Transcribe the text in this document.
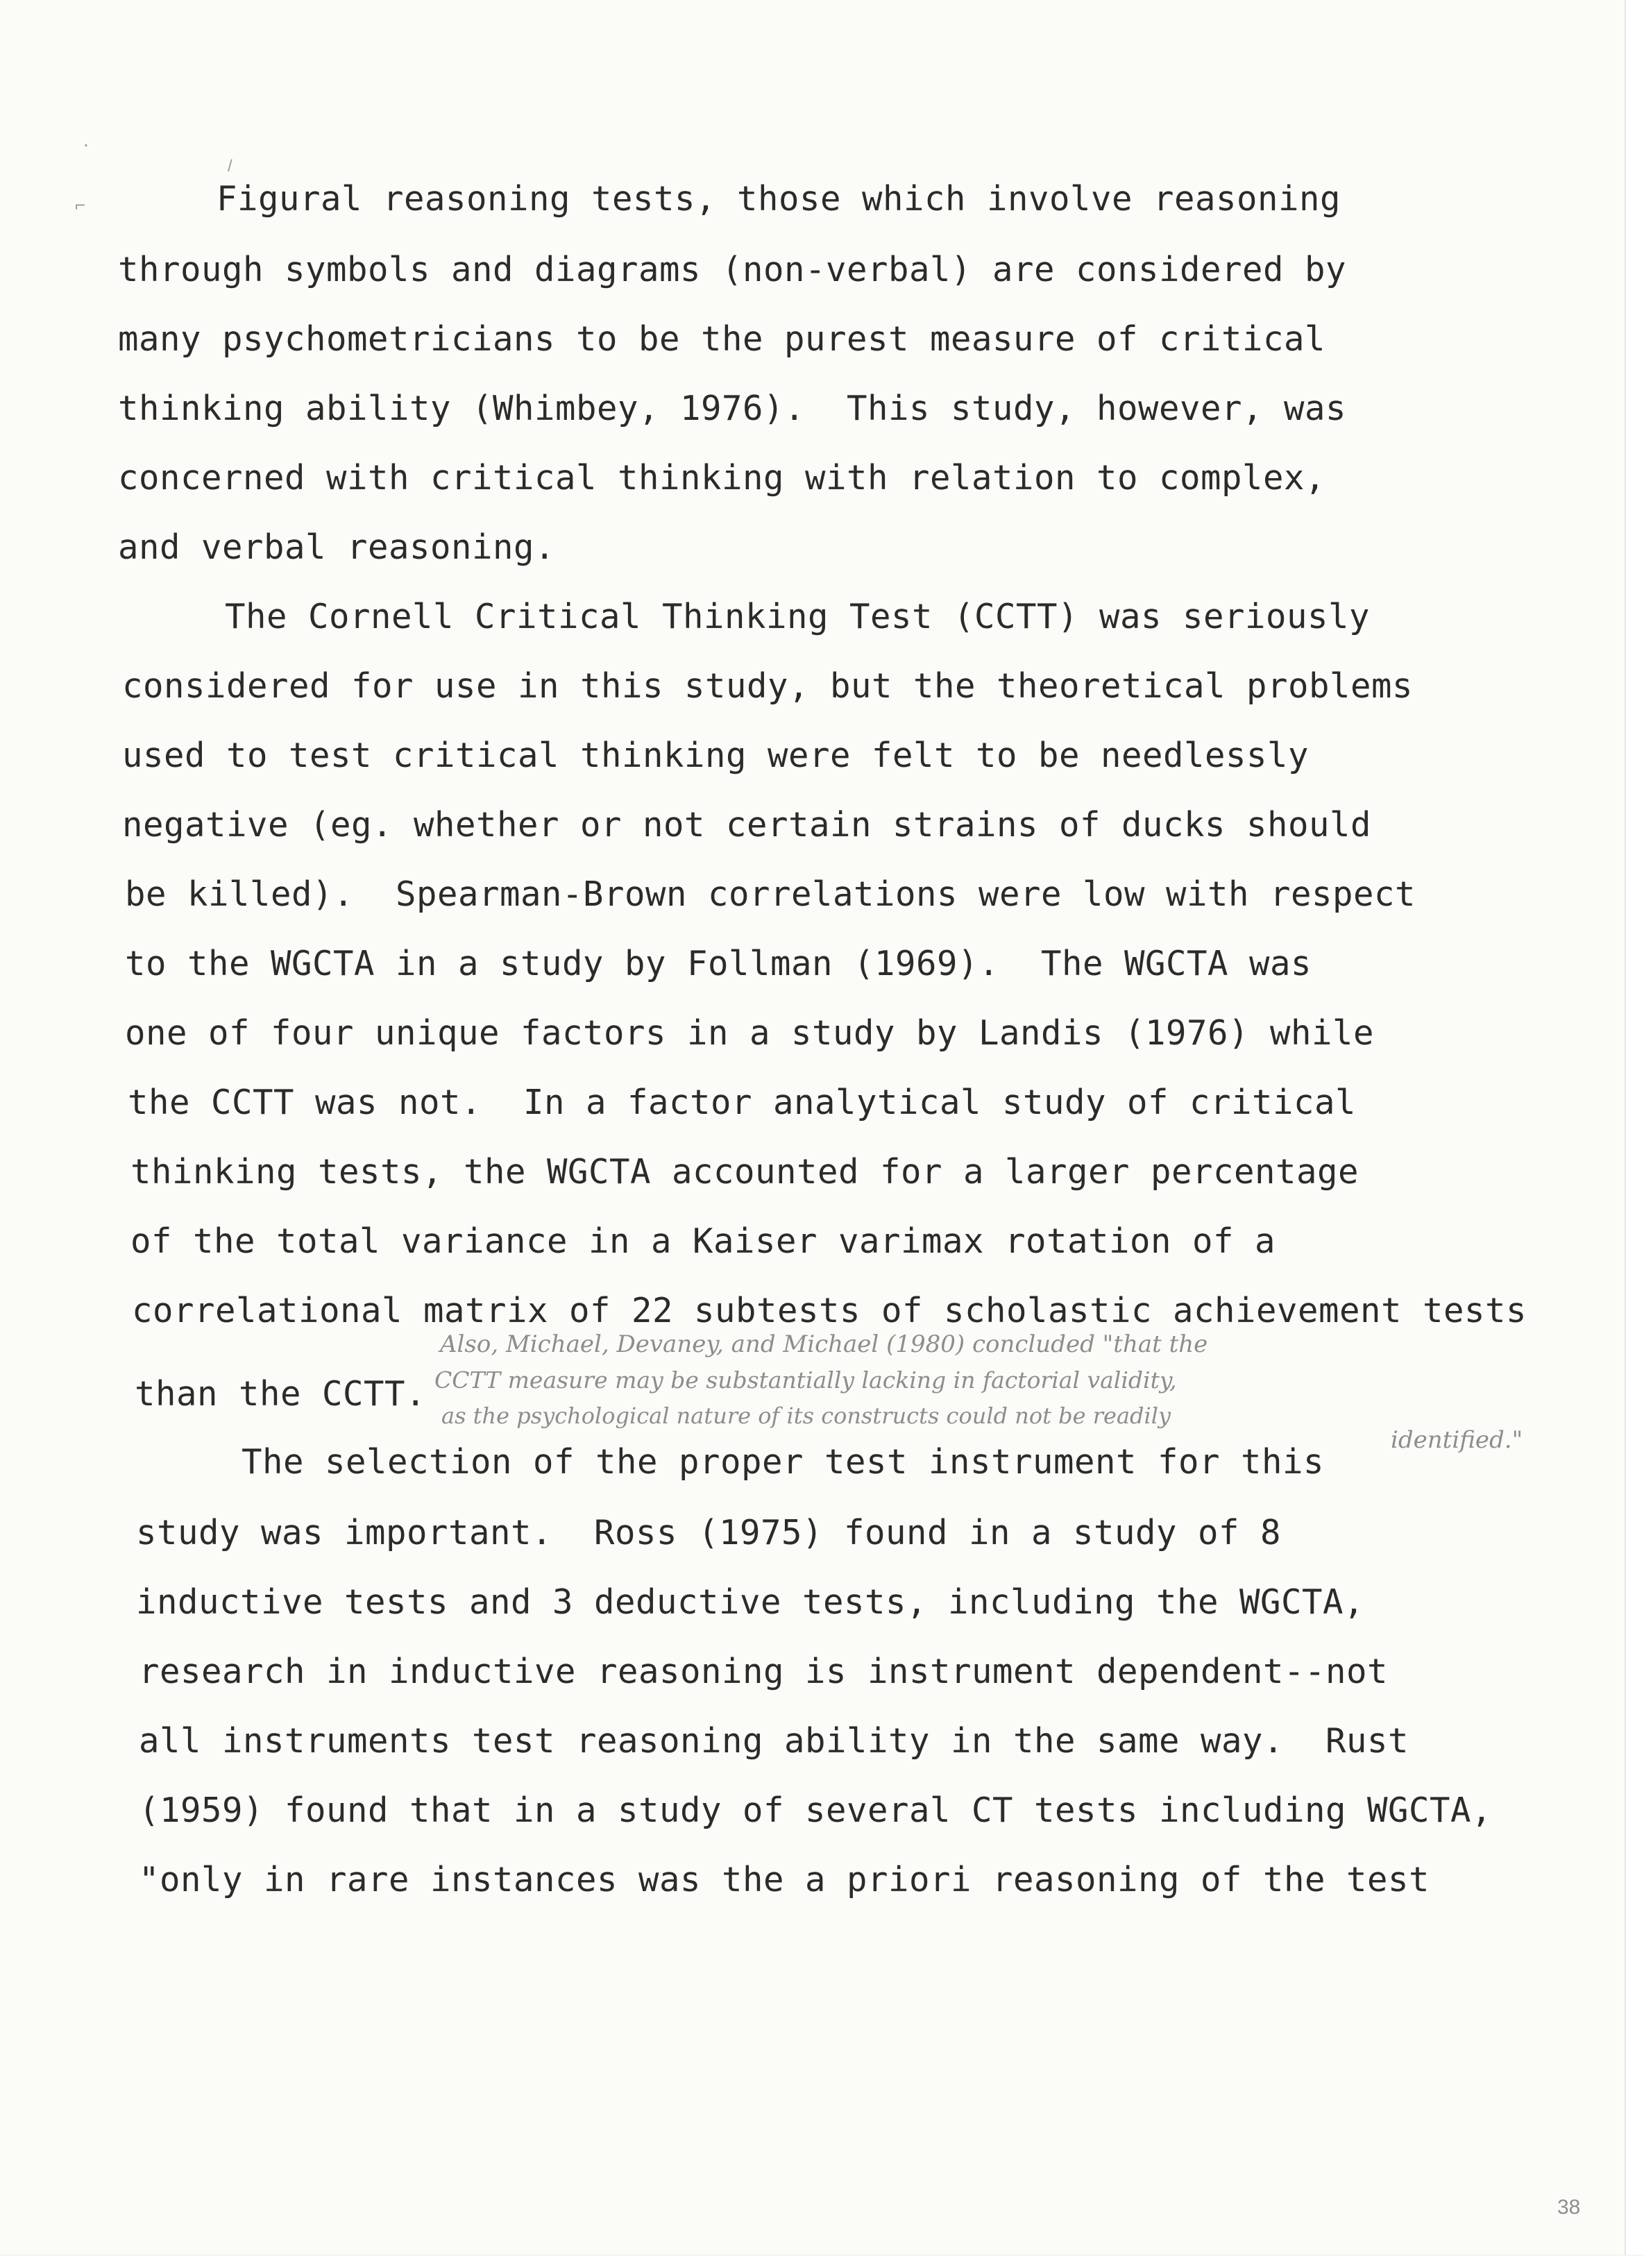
.
⌐
/

Figural reasoning tests, those which involve reasoning

through symbols and diagrams (non-verbal) are considered by

many psychometricians to be the purest measure of critical

thinking ability (Whimbey, 1976).  This study, however, was

concerned with critical thinking with relation to complex,

and verbal reasoning.

The Cornell Critical Thinking Test (CCTT) was seriously

considered for use in this study, but the theoretical problems

used to test critical thinking were felt to be needlessly

negative (eg. whether or not certain strains of ducks should

be killed).  Spearman-Brown correlations were low with respect

to the WGCTA in a study by Follman (1969).  The WGCTA was

one of four unique factors in a study by Landis (1976) while

the CCTT was not.  In a factor analytical study of critical

thinking tests, the WGCTA accounted for a larger percentage

of the total variance in a Kaiser varimax rotation of a

correlational matrix of 22 subtests of scholastic achievement tests

than the CCTT.

Also, Michael, Devaney, and Michael (1980) concluded "that the

CCTT measure may be substantially lacking in factorial validity,

as the psychological nature of its constructs could not be readily

identified."

The selection of the proper test instrument for this

study was important.  Ross (1975) found in a study of 8

inductive tests and 3 deductive tests, including the WGCTA,

research in inductive reasoning is instrument dependent--not

all instruments test reasoning ability in the same way.  Rust

(1959) found that in a study of several CT tests including WGCTA,

"only in rare instances was the a priori reasoning of the test

38
